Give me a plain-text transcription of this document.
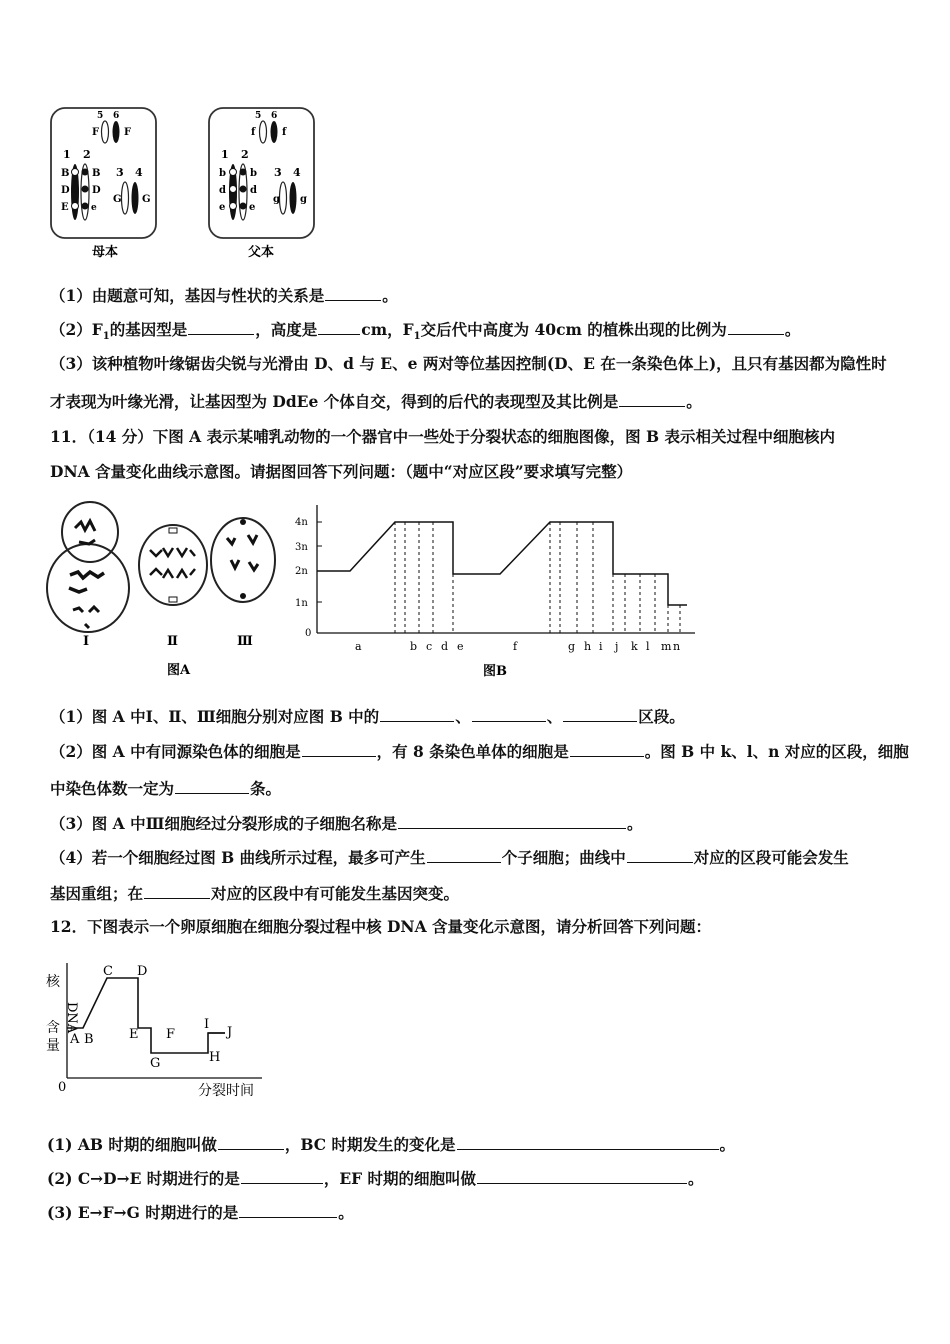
5 6
F F
1 2
B B
D D
E e
3 4
G G
母本
5 6
f	f
1 2
b b
d d
e e
3 4
g g
父本
（1）由题意可知，基因与性状的关系是	。
$(2)F_1$的基因型是	，高度是	cm，$F_1$交后代中高度为 40cm 的植株出现的比例为	。
（3）该种植物叶缘锯齿尖锐与光滑由 D、d 与 E、e 两对等位基因控制(D、E 在一条染色体上)，且只有基因都为隐性时
才表现为叶缘光滑，让基因型为 DdEe 个体自交，得到的后代的表现型及其比例是	。
11．（14 分）下图 A 表示某哺乳动物的一个器官中一些处于分裂状态的细胞图像，图 B 表示相关过程中细胞核内
DNA 含量变化曲线示意图。请据图回答下列问题：（题中“对应区段”要求填写完整）
Ⅰ	Ⅱ	Ⅲ
图A
4n
3n
2n
1n
0
a	b c d e	f	g h i j k l m n
图B
（1）图 A 中Ⅰ、Ⅱ、Ⅲ细胞分别对应图 B 中的	、	、	区段。
（2）图 A 中有同源染色体的细胞是	，有 8 条染色单体的细胞是	。图 B 中 k、l、n 对应的区段，细胞
中染色体数一定为	条。
（3）图 A 中Ⅲ细胞经过分裂形成的子细胞名称是	。
（4）若一个细胞经过图 B 曲线所示过程，最多可产生	个子细胞；曲线中	对应的区段可能会发生
基因重组；在	对应的区段中有可能发生基因突变。
12．下图表示一个卵原细胞在细胞分裂过程中核 DNA 含量变化示意图，请分析回答下列问题：
核
DNA
含
量
0	分裂时间
A B
C D
E F
G	H
I
J
(1) AB 时期的细胞叫做	，BC 时期发生的变化是	。
(2) C→D→E 时期进行的是	，EF 时期的细胞叫做	。
(3) E→F→G 时期进行的是	。
